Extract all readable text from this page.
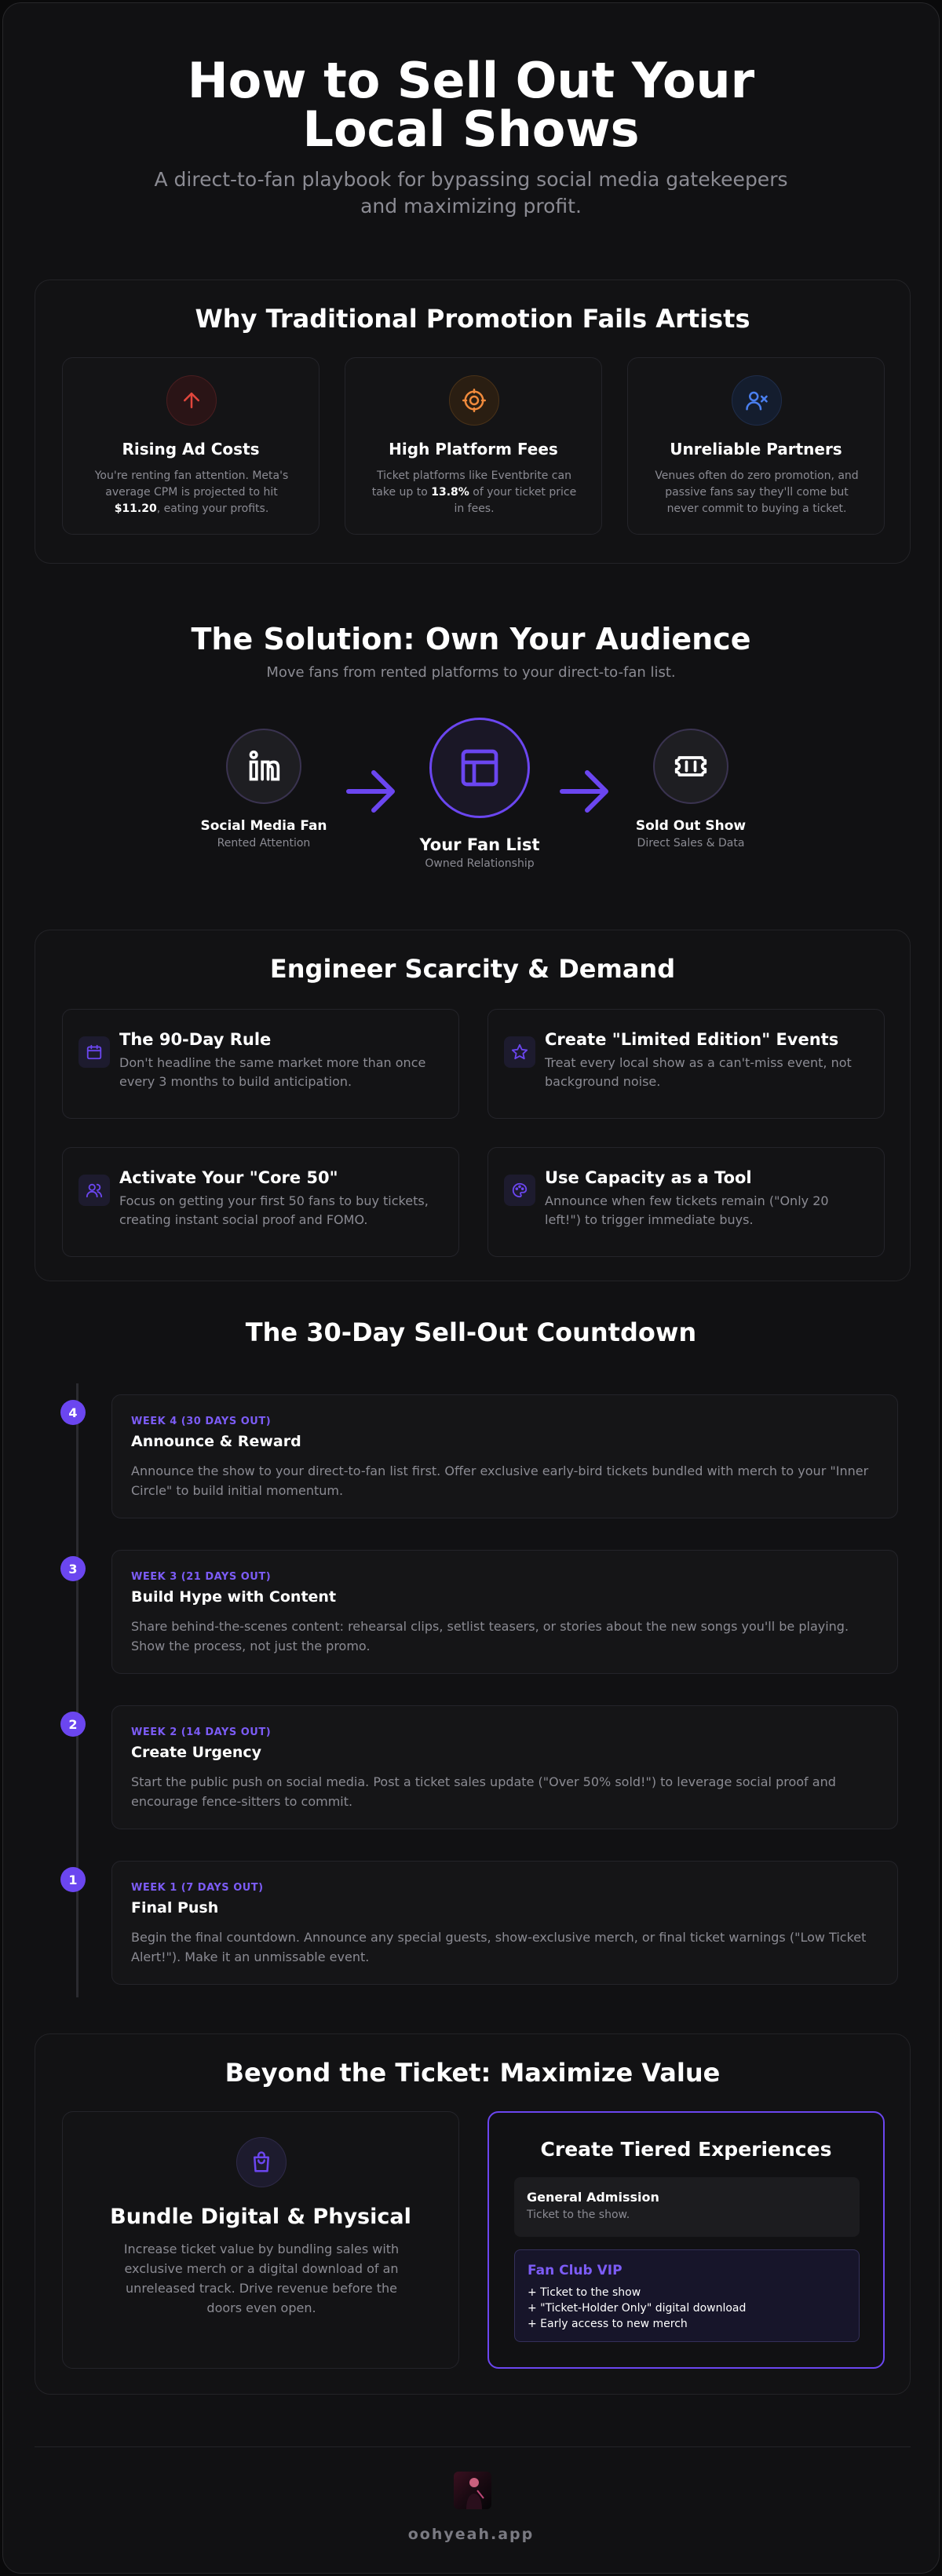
How to Sell Out Your Local Shows

A direct-to-fan playbook for bypassing social media gatekeepers and maximizing profit.

Why Traditional Promotion Fails Artists
Rising Ad Costs

You're renting fan attention. Meta's average CPM is projected to hit $11.20, eating your profits.

High Platform Fees

Ticket platforms like Eventbrite can take up to 13.8% of your ticket price in fees.

Unreliable Partners

Venues often do zero promotion, and passive fans say they'll come but never commit to buying a ticket.

The Solution: Own Your Audience

Move fans from rented platforms to your direct-to-fan list.

Social Media Fan
Rented Attention	Your Fan List
Owned Relationship
Sold Out Show
Direct Sales & Data
Engineer Scarcity & Demand
The 90-Day Rule

Don't headline the same market more than once every 3 months to build anticipation.

Create "Limited Edition" Events

Treat every local show as a can't-miss event, not background noise.

Activate Your "Core 50"

Focus on getting your first 50 fans to buy tickets, creating instant social proof and FOMO.

Use Capacity as a Tool

Announce when few tickets remain ("Only 20 left!") to trigger immediate buys.

The 30-Day Sell-Out Countdown
4
WEEK 4 (30 DAYS OUT)
Announce & Reward

Announce the show to your direct-to-fan list first. Offer exclusive early-bird tickets bundled with merch to your "Inner Circle" to build initial momentum.

3
WEEK 3 (21 DAYS OUT)
Build Hype with Content

Share behind-the-scenes content: rehearsal clips, setlist teasers, or stories about the new songs you'll be playing. Show the process, not just the promo.

2
WEEK 2 (14 DAYS OUT)
Create Urgency

Start the public push on social media. Post a ticket sales update ("Over 50% sold!") to leverage social proof and encourage fence-sitters to commit.

1
WEEK 1 (7 DAYS OUT)
Final Push

Begin the final countdown. Announce any special guests, show-exclusive merch, or final ticket warnings ("Low Ticket Alert!"). Make it an unmissable event.

Beyond the Ticket: Maximize Value
Bundle Digital & Physical

Increase ticket value by bundling sales with exclusive merch or a digital download of an unreleased track. Drive revenue before the doors even open.

Create Tiered Experiences
General Admission
Ticket to the show.
Fan Club VIP
+ Ticket to the show
+ "Ticket-Holder Only" digital download
+ Early access to new merch
oohyeah.app
